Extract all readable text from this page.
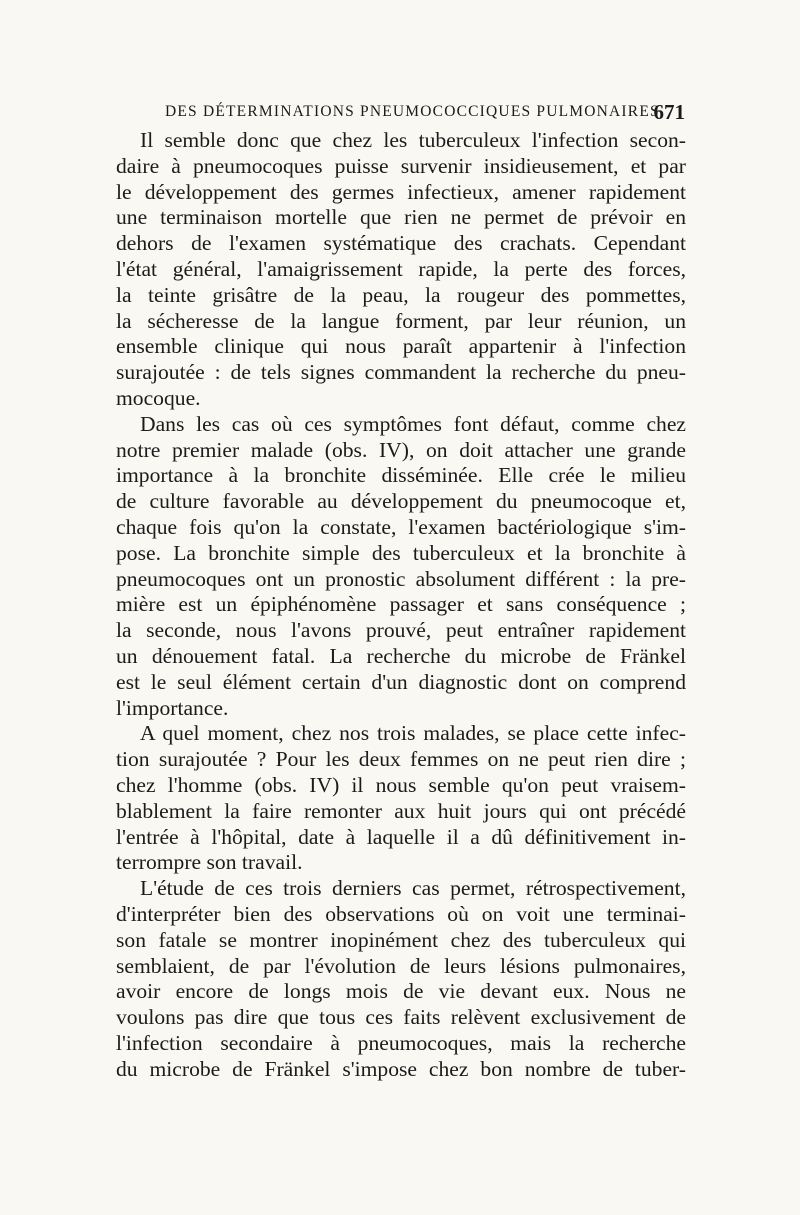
DES DÉTERMINATIONS PNEUMOCOCCIQUES PULMONAIRES.
671
Il semble donc que chez les tuberculeux l'infection secon-
daire à pneumocoques puisse survenir insidieusement, et par
le développement des germes infectieux, amener rapidement
une terminaison mortelle que rien ne permet de prévoir en
dehors de l'examen systématique des crachats. Cependant
l'état général, l'amaigrissement rapide, la perte des forces,
la teinte grisâtre de la peau, la rougeur des pommettes,
la sécheresse de la langue forment, par leur réunion, un
ensemble clinique qui nous paraît appartenir à l'infection
surajoutée : de tels signes commandent la recherche du pneu-
mocoque.
Dans les cas où ces symptômes font défaut, comme chez
notre premier malade (obs. IV), on doit attacher une grande
importance à la bronchite disséminée. Elle crée le milieu
de culture favorable au développement du pneumocoque et,
chaque fois qu'on la constate, l'examen bactériologique s'im-
pose. La bronchite simple des tuberculeux et la bronchite à
pneumocoques ont un pronostic absolument différent : la pre-
mière est un épiphénomène passager et sans conséquence ;
la seconde, nous l'avons prouvé, peut entraîner rapidement
un dénouement fatal. La recherche du microbe de Fränkel
est le seul élément certain d'un diagnostic dont on comprend
l'importance.
A quel moment, chez nos trois malades, se place cette infec-
tion surajoutée ? Pour les deux femmes on ne peut rien dire ;
chez l'homme (obs. IV) il nous semble qu'on peut vraisem-
blablement la faire remonter aux huit jours qui ont précédé
l'entrée à l'hôpital, date à laquelle il a dû définitivement in-
terrompre son travail.
L'étude de ces trois derniers cas permet, rétrospectivement,
d'interpréter bien des observations où on voit une terminai-
son fatale se montrer inopinément chez des tuberculeux qui
semblaient, de par l'évolution de leurs lésions pulmonaires,
avoir encore de longs mois de vie devant eux. Nous ne
voulons pas dire que tous ces faits relèvent exclusivement de
l'infection secondaire à pneumocoques, mais la recherche
du microbe de Fränkel s'impose chez bon nombre de tuber-
